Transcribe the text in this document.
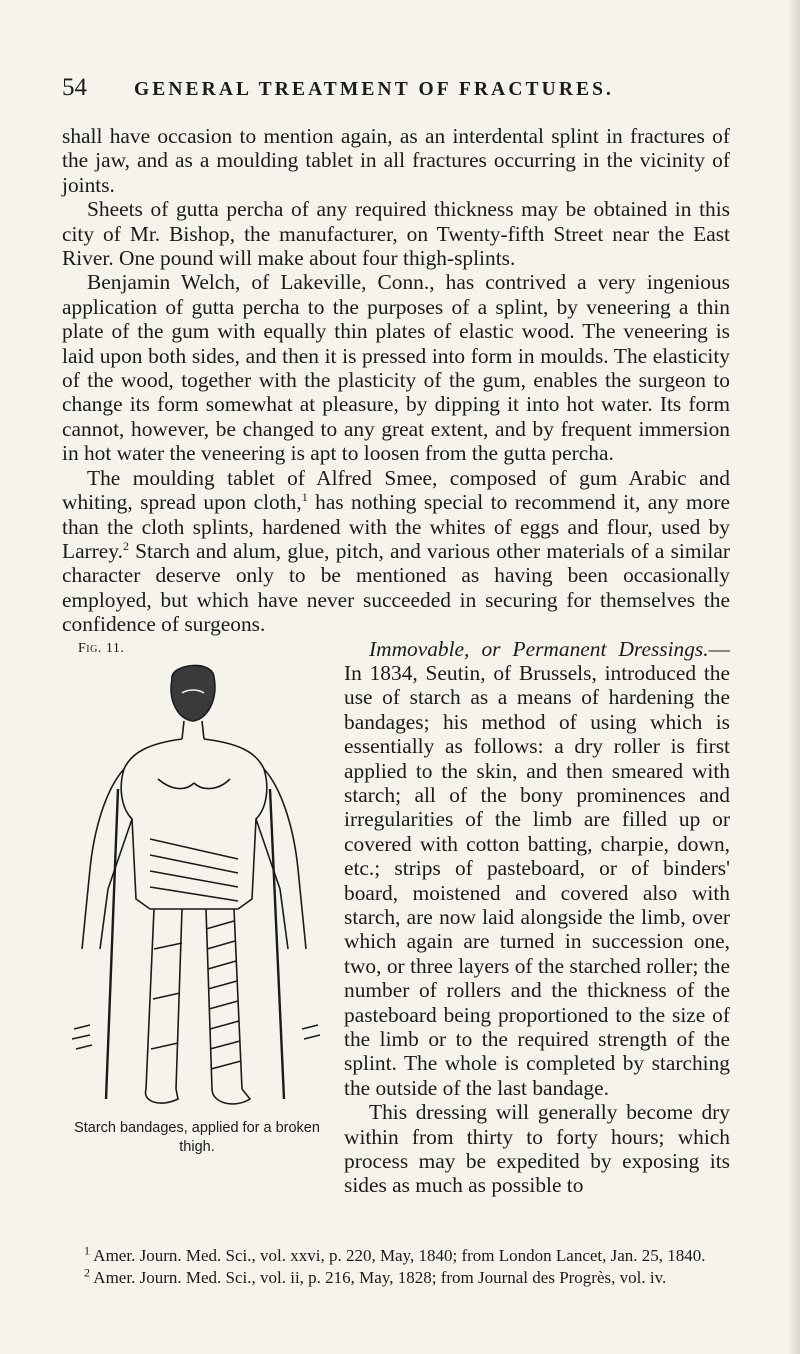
54	GENERAL TREATMENT OF FRACTURES.

shall have occasion to mention again, as an interdental splint in fractures of the jaw, and as a moulding tablet in all fractures occurring in the vicinity of joints.

Sheets of gutta percha of any required thickness may be obtained in this city of Mr. Bishop, the manufacturer, on Twenty-fifth Street near the East River. One pound will make about four thigh-splints.

Benjamin Welch, of Lakeville, Conn., has contrived a very ingenious application of gutta percha to the purposes of a splint, by veneering a thin plate of the gum with equally thin plates of elastic wood. The veneering is laid upon both sides, and then it is pressed into form in moulds. The elasticity of the wood, together with the plasticity of the gum, enables the surgeon to change its form somewhat at pleasure, by dipping it into hot water. Its form cannot, however, be changed to any great extent, and by frequent immersion in hot water the veneering is apt to loosen from the gutta percha.

The moulding tablet of Alfred Smee, composed of gum Arabic and whiting, spread upon cloth,$^1$ has nothing special to recommend it, any more than the cloth splints, hardened with the whites of eggs and flour, used by Larrey.$^2$ Starch and alum, glue, pitch, and various other materials of a similar character deserve only to be mentioned as having been occasionally employed, but which have never succeeded in securing for themselves the confidence of surgeons.

Fig. 11.
Starch bandages, applied for a broken thigh.

Immovable, or Permanent Dressings.— In 1834, Seutin, of Brussels, introduced the use of starch as a means of hardening the bandages; his method of using which is essentially as follows: a dry roller is first applied to the skin, and then smeared with starch; all of the bony prominences and irregularities of the limb are filled up or covered with cotton batting, charpie, down, etc.; strips of pasteboard, or of binders' board, moistened and covered also with starch, are now laid alongside the limb, over which again are turned in succession one, two, or three layers of the starched roller; the number of rollers and the thickness of the pasteboard being proportioned to the size of the limb or to the required strength of the splint. The whole is completed by starching the outside of the last bandage.

This dressing will generally become dry within from thirty to forty hours; which process may be expedited by exposing its sides as much as possible to

$^1$ Amer. Journ. Med. Sci., vol. xxvi, p. 220, May, 1840; from London Lancet, Jan. 25, 1840.

$^2$ Amer. Journ. Med. Sci., vol. ii, p. 216, May, 1828; from Journal des Progrès, vol. iv.
